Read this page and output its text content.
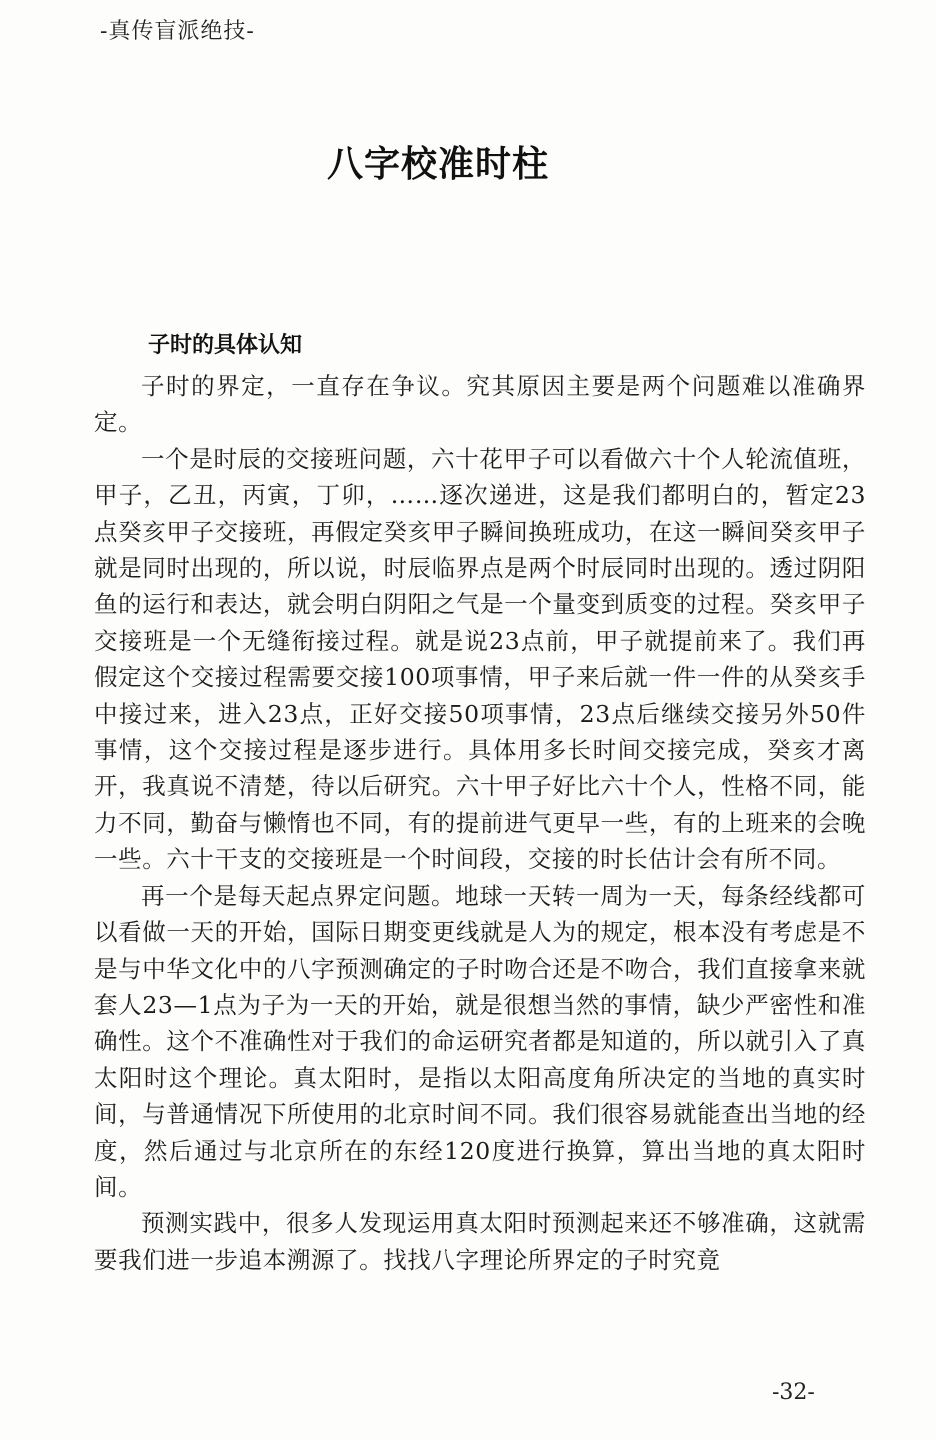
-真传盲派绝技-
八字校准时柱
子时的具体认知

子时的界定，一直存在争议。究其原因主要是两个问题难以准确界定。

一个是时辰的交接班问题，六十花甲子可以看做六十个人轮流值班，甲子，乙丑，丙寅，丁卯，……逐次递进，这是我们都明白的，暂定23点癸亥甲子交接班，再假定癸亥甲子瞬间换班成功，在这一瞬间癸亥甲子就是同时出现的，所以说，时辰临界点是两个时辰同时出现的。透过阴阳鱼的运行和表达，就会明白阴阳之气是一个量变到质变的过程。癸亥甲子交接班是一个无缝衔接过程。就是说23点前，甲子就提前来了。我们再假定这个交接过程需要交接100项事情，甲子来后就一件一件的从癸亥手中接过来，进入23点，正好交接50项事情，23点后继续交接另外50件事情，这个交接过程是逐步进行。具体用多长时间交接完成，癸亥才离开，我真说不清楚，待以后研究。六十甲子好比六十个人，性格不同，能力不同，勤奋与懒惰也不同，有的提前进气更早一些，有的上班来的会晚一些。六十干支的交接班是一个时间段，交接的时长估计会有所不同。

再一个是每天起点界定问题。地球一天转一周为一天，每条经线都可以看做一天的开始，国际日期变更线就是人为的规定，根本没有考虑是不是与中华文化中的八字预测确定的子时吻合还是不吻合，我们直接拿来就套人23—1点为子为一天的开始，就是很想当然的事情，缺少严密性和准确性。这个不准确性对于我们的命运研究者都是知道的，所以就引入了真太阳时这个理论。真太阳时，是指以太阳高度角所决定的当地的真实时间，与普通情况下所使用的北京时间不同。我们很容易就能查出当地的经度，然后通过与北京所在的东经120度进行换算，算出当地的真太阳时间。

预测实践中，很多人发现运用真太阳时预测起来还不够准确，这就需要我们进一步追本溯源了。找找八字理论所界定的子时究竟

-32-
